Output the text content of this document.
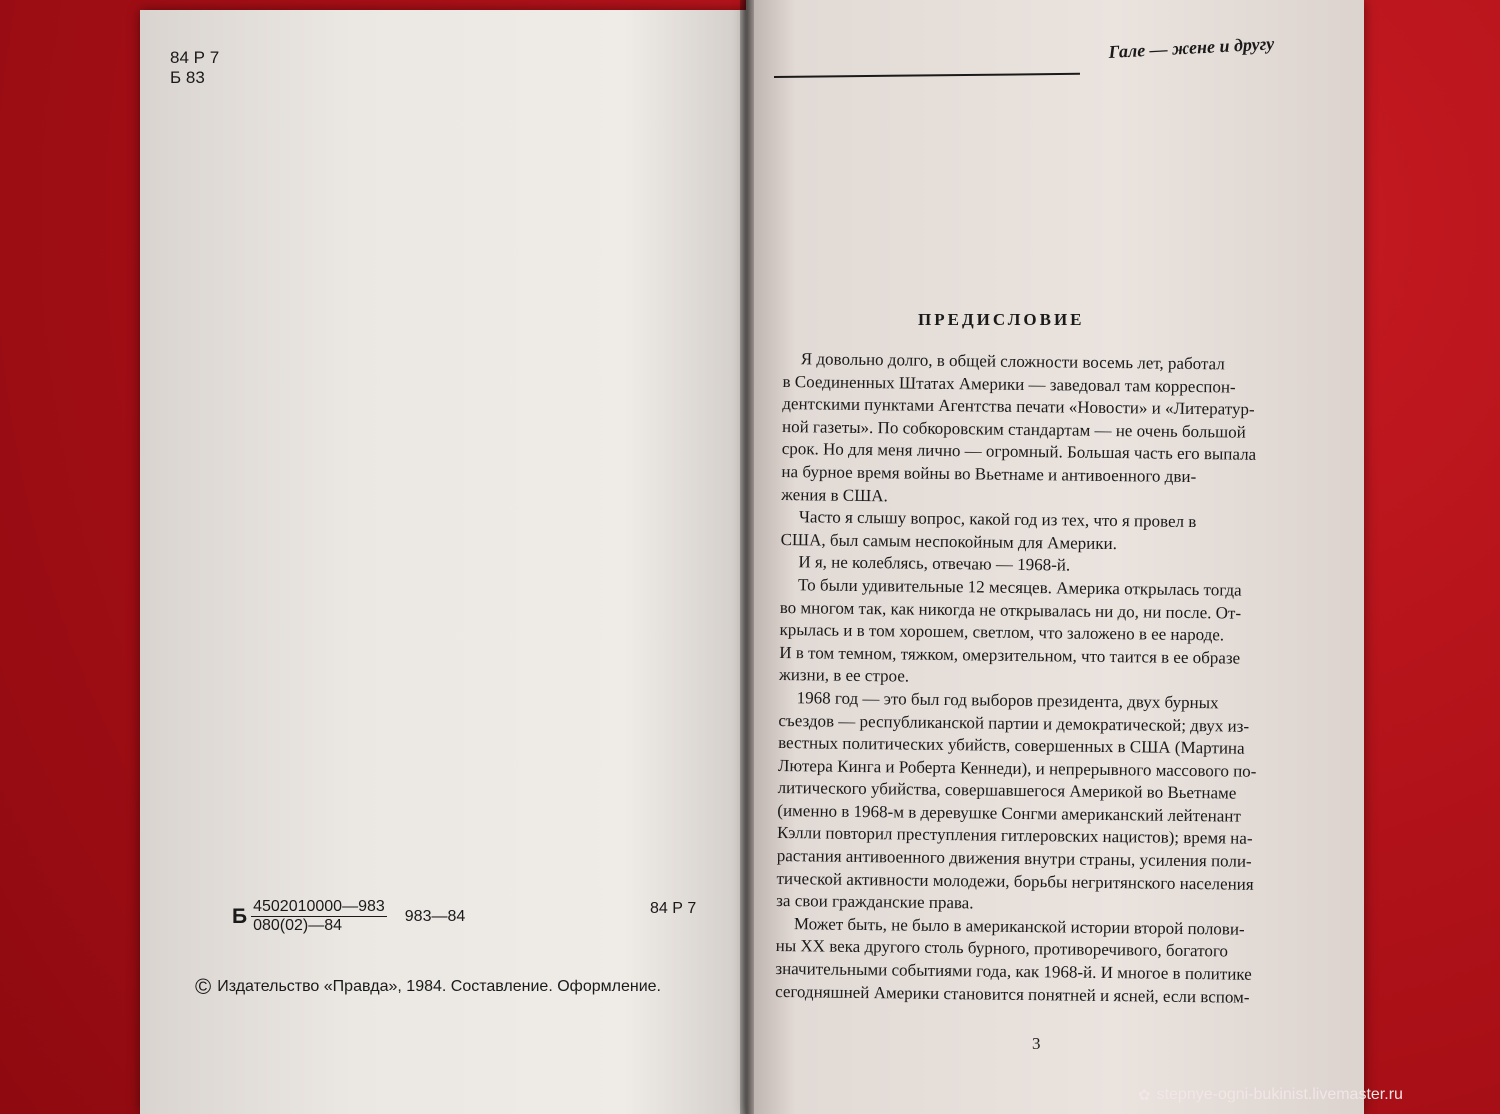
84 Р 7
Б 83
Б $\frac{4502010000—983}{080(02)—84}$ 983—84	84 Р 7
© Издательство «Правда», 1984. Составление. Оформление.
Гале — жене и другу
ПРЕДИСЛОВИЕ

Я довольно долго, в общей сложности восемь лет, работал

в Соединенных Штатах Америки — заведовал там корреспон-

дентскими пунктами Агентства печати «Новости» и «Литератур-

ной газеты». По собкоровским стандартам — не очень большой

срок. Но для меня лично — огромный. Большая часть его выпала

на бурное время войны во Вьетнаме и антивоенного дви-

жения в США.

Часто я слышу вопрос, какой год из тех, что я провел в

США, был самым неспокойным для Америки.

И я, не колеблясь, отвечаю — 1968-й.

То были удивительные 12 месяцев. Америка открылась тогда

во многом так, как никогда не открывалась ни до, ни после. От-

крылась и в том хорошем, светлом, что заложено в ее народе.

И в том темном, тяжком, омерзительном, что таится в ее образе

жизни, в ее строе.

1968 год — это был год выборов президента, двух бурных

съездов — республиканской партии и демократической; двух из-

вестных политических убийств, совершенных в США (Мартина

Лютера Кинга и Роберта Кеннеди), и непрерывного массового по-

литического убийства, совершавшегося Америкой во Вьетнаме

(именно в 1968-м в деревушке Сонгми американский лейтенант

Кэлли повторил преступления гитлеровских нацистов); время на-

растания антивоенного движения внутри страны, усиления поли-

тической активности молодежи, борьбы негритянского населения

за свои гражданские права.

Может быть, не было в американской истории второй полови-

ны XX века другого столь бурного, противоречивого, богатого

значительными событиями года, как 1968-й. И многое в политике

сегодняшней Америки становится понятней и ясней, если вспом-

3
✿ stepnye-ogni-bukinist.livemaster.ru
